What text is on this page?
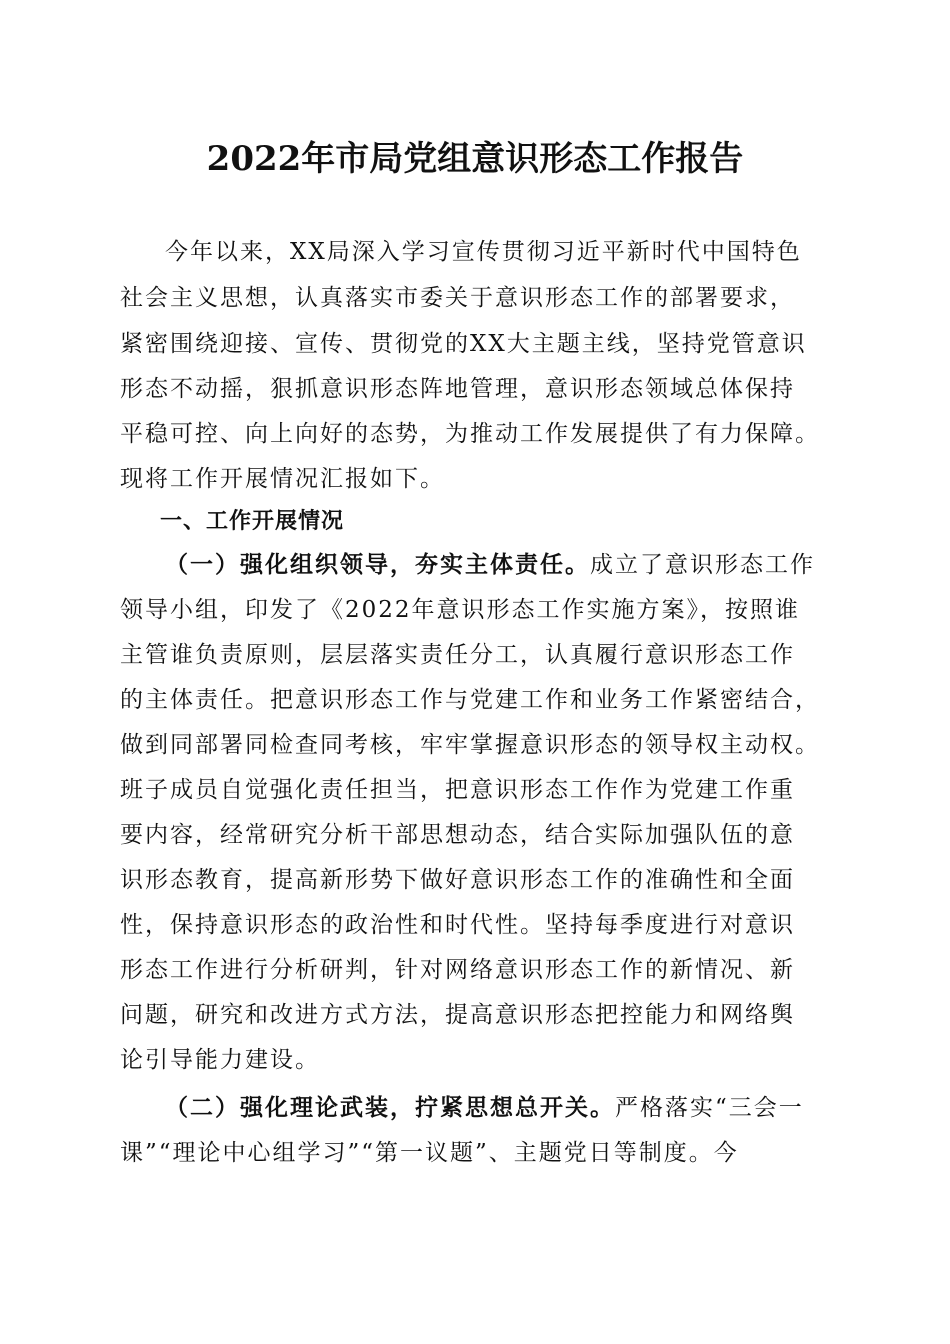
2022年市局党组意识形态工作报告
今年以来，XX局深入学习宣传贯彻习近平新时代中国特色
社会主义思想，认真落实市委关于意识形态工作的部署要求，
紧密围绕迎接、宣传、贯彻党的XX大主题主线，坚持党管意识
形态不动摇，狠抓意识形态阵地管理，意识形态领域总体保持
平稳可控、向上向好的态势，为推动工作发展提供了有力保障。
现将工作开展情况汇报如下。
一、工作开展情况
（一）强化组织领导，夯实主体责任。成立了意识形态工作
领导小组，印发了《2022年意识形态工作实施方案》，按照谁
主管谁负责原则，层层落实责任分工，认真履行意识形态工作
的主体责任。把意识形态工作与党建工作和业务工作紧密结合，
做到同部署同检查同考核，牢牢掌握意识形态的领导权主动权。
班子成员自觉强化责任担当，把意识形态工作作为党建工作重
要内容，经常研究分析干部思想动态，结合实际加强队伍的意
识形态教育，提高新形势下做好意识形态工作的准确性和全面
性，保持意识形态的政治性和时代性。坚持每季度进行对意识
形态工作进行分析研判，针对网络意识形态工作的新情况、新
问题，研究和改进方式方法，提高意识形态把控能力和网络舆
论引导能力建设。
（二）强化理论武装，拧紧思想总开关。严格落实“三会一
课”“理论中心组学习”“第一议题”、主题党日等制度。今
